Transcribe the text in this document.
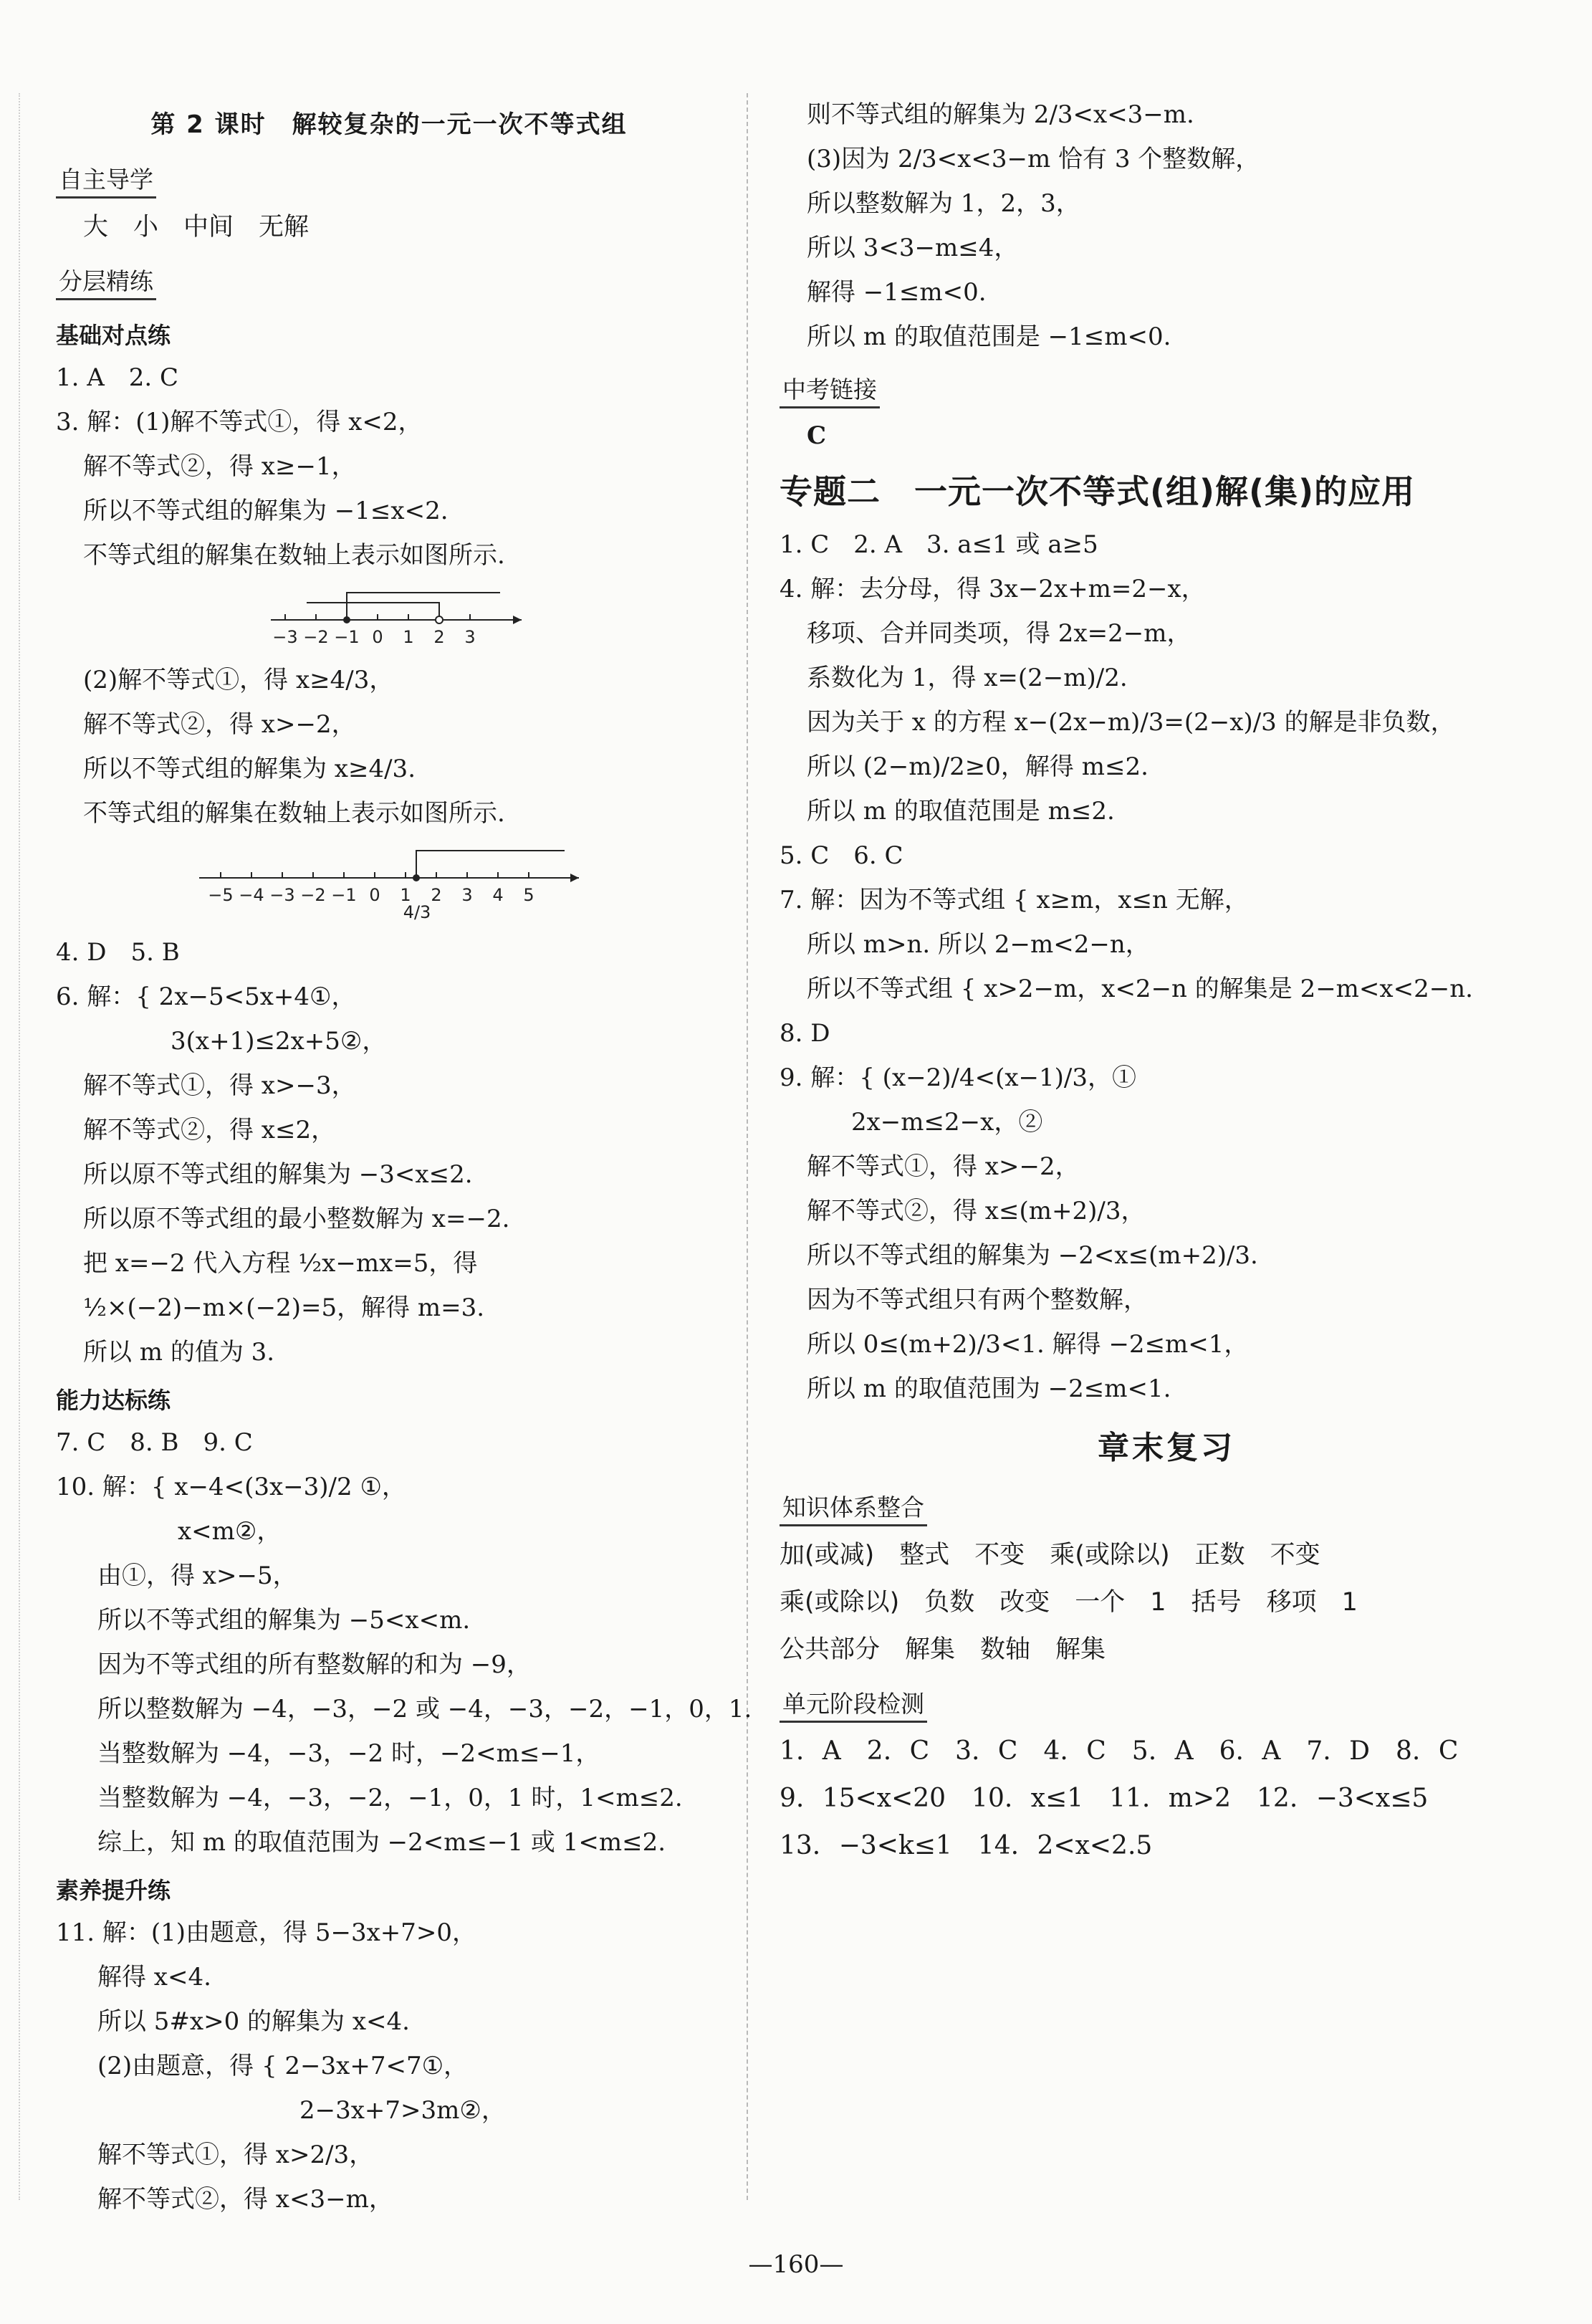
第 2 课时　解较复杂的一元一次不等式组
自主导学
大　小　中间　无解
分层精练
基础对点练
1. A　2. C
3. 解：(1)解不等式①，得 x<2，
解不等式②，得 x≥−1，
所以不等式组的解集为 −1≤x<2.
不等式组的解集在数轴上表示如图所示.
−3 −2 −1 0 1 2 3
(2)解不等式①，得 x≥4/3，
解不等式②，得 x>−2，
所以不等式组的解集为 x≥4/3.
不等式组的解集在数轴上表示如图所示.
−5 −4 −3 −2 −1 0 1 2 3 4 5
4/3
4. D　5. B
6. 解：{ 2x−5<5x+4①，
3(x+1)≤2x+5②，
解不等式①，得 x>−3，
解不等式②，得 x≤2，
所以原不等式组的解集为 −3<x≤2.
所以原不等式组的最小整数解为 x=−2.
把 x=−2 代入方程 ½x−mx=5，得
½×(−2)−m×(−2)=5，解得 m=3.
所以 m 的值为 3.
能力达标练
7. C　8. B　9. C
10. 解：{ x−4<(3x−3)/2 ①，
x<m②，
由①，得 x>−5，
所以不等式组的解集为 −5<x<m.
因为不等式组的所有整数解的和为 −9，
所以整数解为 −4，−3，−2 或 −4，−3，−2，−1，0，1.
当整数解为 −4，−3，−2 时，−2<m≤−1，
当整数解为 −4，−3，−2，−1，0，1 时，1<m≤2.
综上，知 m 的取值范围为 −2<m≤−1 或 1<m≤2.
素养提升练
11. 解：(1)由题意，得 5−3x+7>0，
解得 x<4.
所以 5#x>0 的解集为 x<4.
(2)由题意，得 { 2−3x+7<7①，
2−3x+7>3m②，
解不等式①，得 x>2/3，
解不等式②，得 x<3−m，
则不等式组的解集为 2/3<x<3−m.
(3)因为 2/3<x<3−m 恰有 3 个整数解，
所以整数解为 1，2，3，
所以 3<3−m≤4，
解得 −1≤m<0.
所以 m 的取值范围是 −1≤m<0.
中考链接
C
专题二　一元一次不等式(组)解(集)的应用
1. C　2. A　3. a≤1 或 a≥5
4. 解：去分母，得 3x−2x+m=2−x，
移项、合并同类项，得 2x=2−m，
系数化为 1，得 x=(2−m)/2.
因为关于 x 的方程 x−(2x−m)/3=(2−x)/3 的解是非负数，
所以 (2−m)/2≥0，解得 m≤2.
所以 m 的取值范围是 m≤2.
5. C　6. C
7. 解：因为不等式组 { x≥m，x≤n 无解，
所以 m>n. 所以 2−m<2−n，
所以不等式组 { x>2−m，x<2−n 的解集是 2−m<x<2−n.
8. D
9. 解：{ (x−2)/4<(x−1)/3，①
2x−m≤2−x，②
解不等式①，得 x>−2，
解不等式②，得 x≤(m+2)/3，
所以不等式组的解集为 −2<x≤(m+2)/3.
因为不等式组只有两个整数解，
所以 0≤(m+2)/3<1. 解得 −2≤m<1，
所以 m 的取值范围为 −2≤m<1.
章末复习
知识体系整合
加(或减)　整式　不变　乘(或除以)　正数　不变
乘(或除以)　负数　改变　一个　1　括号　移项　1
公共部分　解集　数轴　解集
单元阶段检测
1. A　2. C　3. C　4. C　5. A　6. A　7. D　8. C
9. 15<x<20　10. x≤1　11. m>2　12. −3<x≤5
13. −3<k≤1　14. 2<x<2.5
—160—
